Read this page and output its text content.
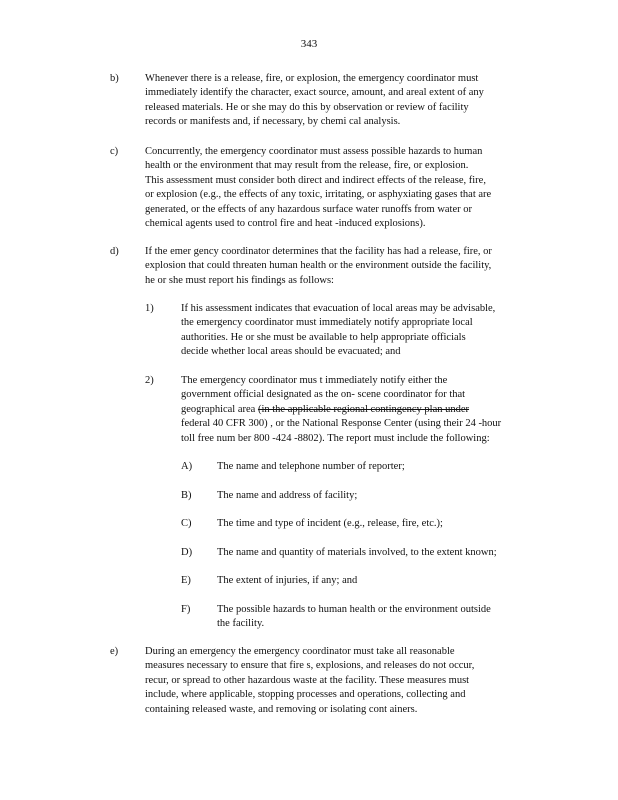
343
b)	Whenever there is a release, fire, or explosion, the emergency coordinator must
immediately identify the character, exact source, amount, and areal extent of any
released materials. He or she may do this by observation or review of facility
records or manifests and, if necessary, by chemi cal analysis.
c)	Concurrently, the emergency coordinator must assess possible hazards to human
health or the environment that may result from the release, fire, or explosion.
This assessment must consider both direct and indirect effects of the release, fire,
or explosion (e.g., the effects of any toxic, irritating, or asphyxiating gases that are
generated, or the effects of any hazardous surface water runoffs from water or
chemical agents used to control fire and heat -induced explosions).
d)	If the emer gency coordinator determines that the facility has had a release, fire, or
explosion that could threaten human health or the environment outside the facility,
he or she must report his findings as follows:
1)	If his assessment indicates that evacuation of local areas may be advisable,
the emergency coordinator must immediately notify appropriate local
authorities. He or she must be available to help appropriate officials
decide whether local areas should be evacuated; and
2)	The emergency coordinator mus t immediately notify either the
government official designated as the on- scene coordinator for that
geographical area (in the applicable regional contingency plan under
federal 40 CFR 300) , or the National Response Center (using their 24 -hour
toll free num ber 800 -424 -8802). The report must include the following:
A) The name and telephone number of reporter;
B) The name and address of facility;
C) The time and type of incident (e.g., release, fire, etc.);
D) The name and quantity of materials involved, to the extent known;
E) The extent of injuries, if any; and
F)	The possible hazards to human health or the environment outside
the facility.
e)	During an emergency the emergency coordinator must take all reasonable
measures necessary to ensure that fire s, explosions, and releases do not occur,
recur, or spread to other hazardous waste at the facility. These measures must
include, where applicable, stopping processes and operations, collecting and
containing released waste, and removing or isolating cont ainers.
